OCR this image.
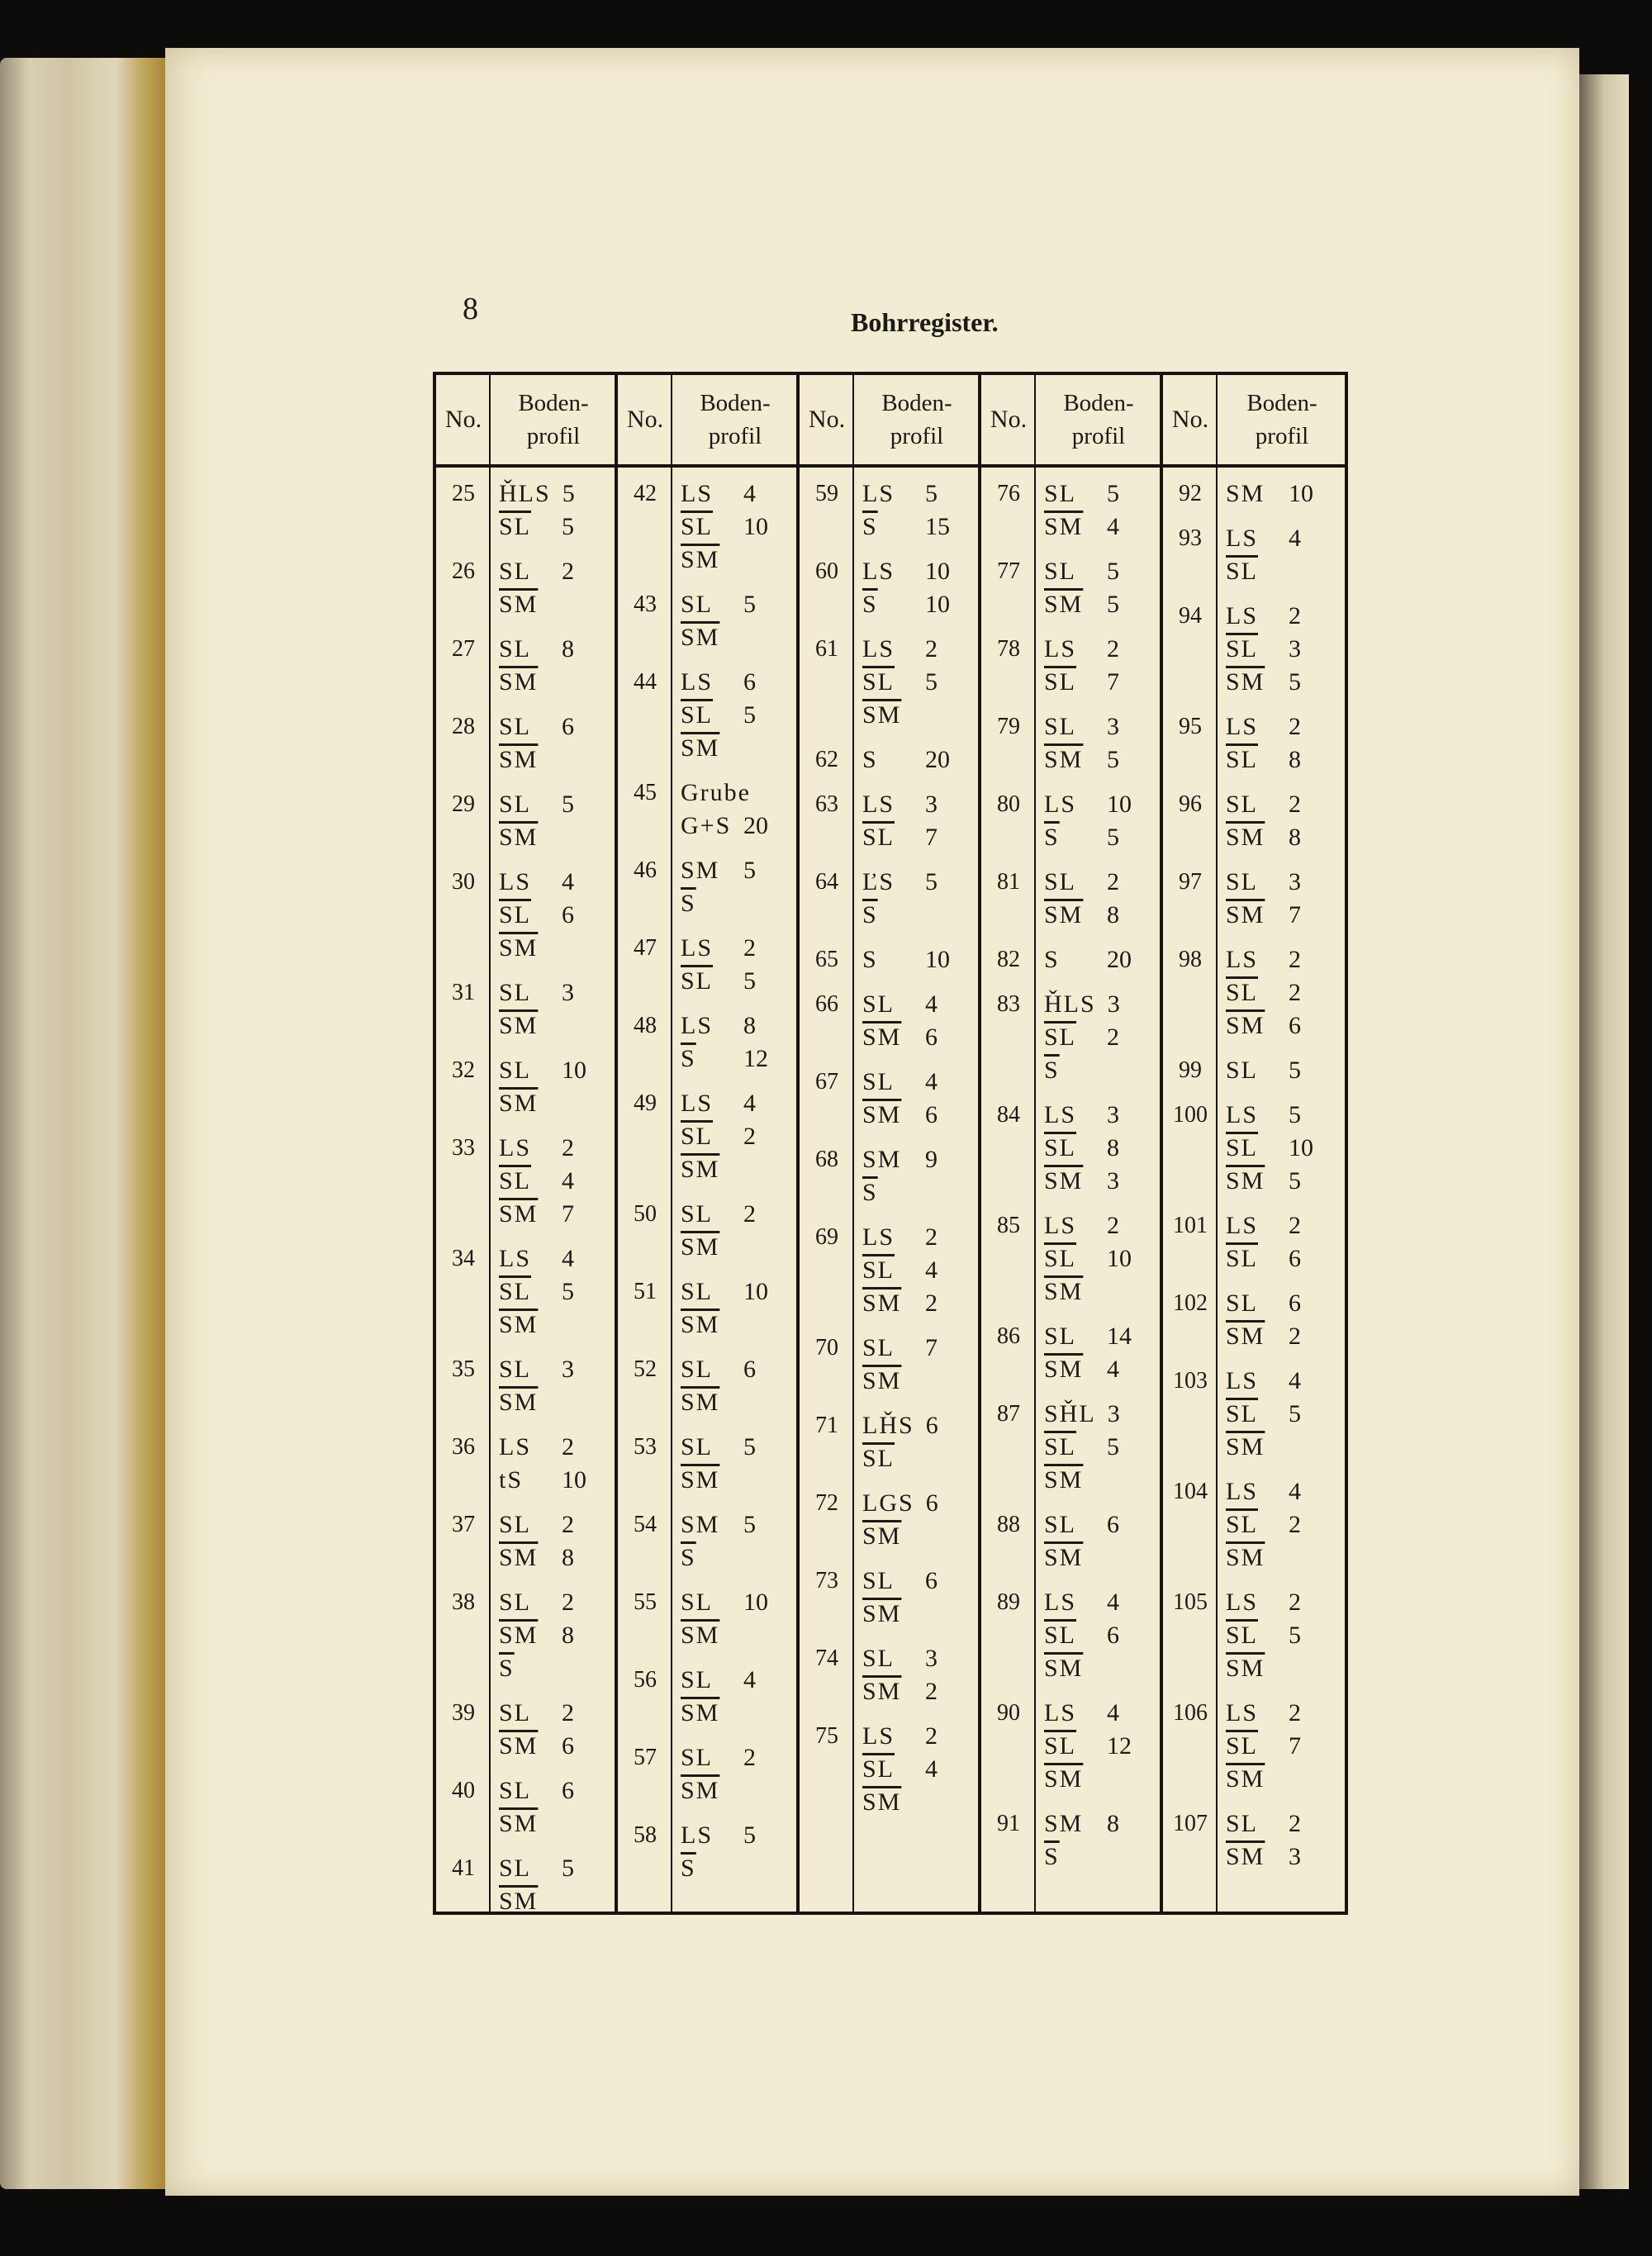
8	Bohrregister.
No.
Boden-
profil
25 ȞLS 5
$\overline{SL}$ 5
26 SL 2
$\overline{SM}$
27 SL 8
$\overline{SM}$
28 SL 6
$\overline{SM}$
29 SL 5
$\overline{SM}$
30 LS 4
$\overline{SL}$ 6
$\overline{SM}$
31 SL 3
$\overline{SM}$
32 SL 10
$\overline{SM}$
33 LS 2
$\overline{SL}$ 4
$\overline{SM}$ 7
34 LS 4
$\overline{SL}$ 5
$\overline{SM}$
35 SL 3
$\overline{SM}$
36 LS 2
tS 10
37 SL 2
$\overline{SM}$ 8
38 SL 2
$\overline{SM}$ 8
$\overline{S}$
39 SL 2
$\overline{SM}$ 6
40 SL 6
$\overline{SM}$
41 SL 5
$\overline{SM}$
No.
Boden-
profil
42 LS 4
$\overline{SL}$ 10
$\overline{SM}$
43 SL 5
$\overline{SM}$
44 LS 6
$\overline{SL}$ 5
$\overline{SM}$
45 Grube
G+S 20
46 SM 5
$\overline{S}$
47 LS 2
$\overline{SL}$ 5
48 LS 8
$\overline{S}$ 12
49 LS 4
$\overline{SL}$ 2
$\overline{SM}$
50 SL 2
$\overline{SM}$
51 SL 10
$\overline{SM}$
52 SL 6
$\overline{SM}$
53 SL 5
$\overline{SM}$
54 SM 5
$\overline{S}$
55 SL 10
$\overline{SM}$
56 SL 4
$\overline{SM}$
57 SL 2
$\overline{SM}$
58 LS 5
$\overline{S}$
No.
Boden-
profil
59 LS 5
$\overline{S}$ 15
60 LS 10
$\overline{S}$ 10
61 LS 2
$\overline{SL}$ 5
$\overline{SM}$
62 S 20
63 LS 3
$\overline{SL}$ 7
64 ĽS 5
$\overline{S}$
65 S 10
66 SL 4
$\overline{SM}$ 6
67 SL 4
$\overline{SM}$ 6
68 SM 9
$\overline{S}$
69 LS 2
$\overline{SL}$ 4
$\overline{SM}$ 2
70 SL 7
$\overline{SM}$
71 LȞS 6
$\overline{SL}$
72 LGS 6
$\overline{SM}$
73 SL 6
$\overline{SM}$
74 SL 3
$\overline{SM}$ 2
75 LS 2
$\overline{SL}$ 4
$\overline{SM}$
No.
Boden-
profil
76 SL 5
$\overline{SM}$ 4
77 SL 5
$\overline{SM}$ 5
78 LS 2
$\overline{SL}$ 7
79 SL 3
$\overline{SM}$ 5
80 LS 10
$\overline{S}$ 5
81 SL 2
$\overline{SM}$ 8
82 S 20
83 ȞLS 3
$\overline{SL}$ 2
$\overline{S}$
84 LS 3
$\overline{SL}$ 8
$\overline{SM}$ 3
85 LS 2
$\overline{SL}$ 10
$\overline{SM}$
86 SL 14
$\overline{SM}$ 4
87 SȞL 3
$\overline{SL}$ 5
$\overline{SM}$
88 SL 6
$\overline{SM}$
89 LS 4
$\overline{SL}$ 6
$\overline{SM}$
90 LS 4
$\overline{SL}$ 12
$\overline{SM}$
91 SM 8
$\overline{S}$
No.
Boden-
profil
92 SM 10
93 LS 4
$\overline{SL}$
94 LS 2
$\overline{SL}$ 3
$\overline{SM}$ 5
95 LS 2
$\overline{SL}$ 8
96 SL 2
$\overline{SM}$ 8
97 SL 3
$\overline{SM}$ 7
98 LS 2
$\overline{SL}$ 2
$\overline{SM}$ 6
99 SL 5
100 LS 5
$\overline{SL}$ 10
$\overline{SM}$ 5
101 LS 2
$\overline{SL}$ 6
102 SL 6
$\overline{SM}$ 2
103 LS 4
$\overline{SL}$ 5
$\overline{SM}$
104 LS 4
$\overline{SL}$ 2
$\overline{SM}$
105 LS 2
$\overline{SL}$ 5
$\overline{SM}$
106 LS 2
$\overline{SL}$ 7
$\overline{SM}$
107 SL 2
$\overline{SM}$ 3
